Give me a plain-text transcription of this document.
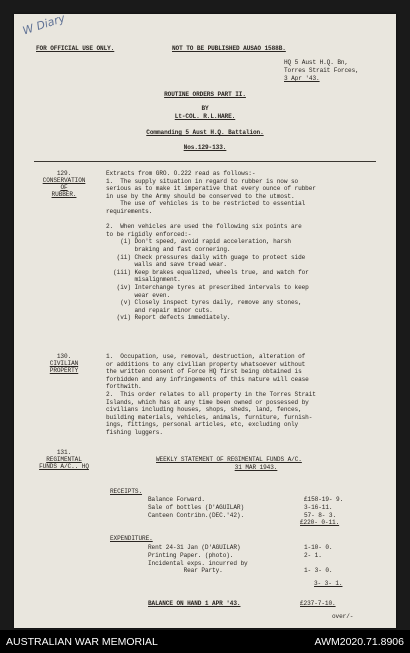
W Diary
FOR OFFICIAL USE ONLY.	NOT TO BE PUBLISHED AUSAO 1588B.
HQ 5 Aust H.Q. Bn,
Torres Strait Forces,
3 Apr '43.
ROUTINE ORDERS PART II.
BY
Lt-COL. R.L.HARE.
Commanding 5 Aust H.Q. Battalion.
Nos.129-133.
129.
CONSERVATION
OF
RUBBER.
130.
CIVILIAN
PROPERTY
131.
REGIMENTAL
FUNDS A/C.. HQ
WEEKLY STATEMENT OF REGIMENTAL FUNDS A/C.
31 MAR 1943.
RECEIPTS.
£220- 0-11.
EXPENDITURE.
3- 3- 1.
BALANCE ON HAND 1 APR '43.	£237-7-10.
over/-
Extracts from GRO. O.222 read as follows:-
1.  The supply situation in regard to rubber is now so
serious as to make it imperative that every ounce of rubber
in use by the Army should be conserved to the utmost.
The use of vehicles is to be restricted to essential
requirements.
2.  When vehicles are used the following six points are
to be rigidly enforced:-
(i) Don't speed, avoid rapid acceleration, harsh
braking and fast cornering.
(ii) Check pressures daily with guage to protect side
walls and save tread wear.
(iii) Keep brakes equalized, wheels true, and watch for
misalignment.
(iv) Interchange tyres at prescribed intervals to keep
wear even.
(v) Closely inspect tyres daily, remove any stones,
and repair minor cuts.
(vi) Report defects immediately.
1.  Occupation, use, removal, destruction, alteration of
or additions to any civilian property whatsoever without
the written consent of Force HQ first being obtained is
forbidden and any infringements of this nature will cease
forthwith.
2.  This order relates to all property in the Torres Strait
Islands, which has at any time been owned or possessed by
civilians including houses, shops, sheds, land, fences,
building materials, vehicles, animals, furniture, furnish-
ings, fittings, personal articles, etc, excluding only
fishing luggers.
Balance Forward.	£158-19- 9.
Sale of bottles (D'AGUILAR)	3-16-11.
Canteen Contribn.(DEC.'42).	57- 8- 3.
Rent 24-31 Jan (D'AGUILAR)	1-10- 0.
Printing Paper. (photo).	2- 1.
Incidental exps. incurred by
Rear Party.	1- 3- 0.
AUSTRALIAN WAR MEMORIAL	AWM2020.71.8906
